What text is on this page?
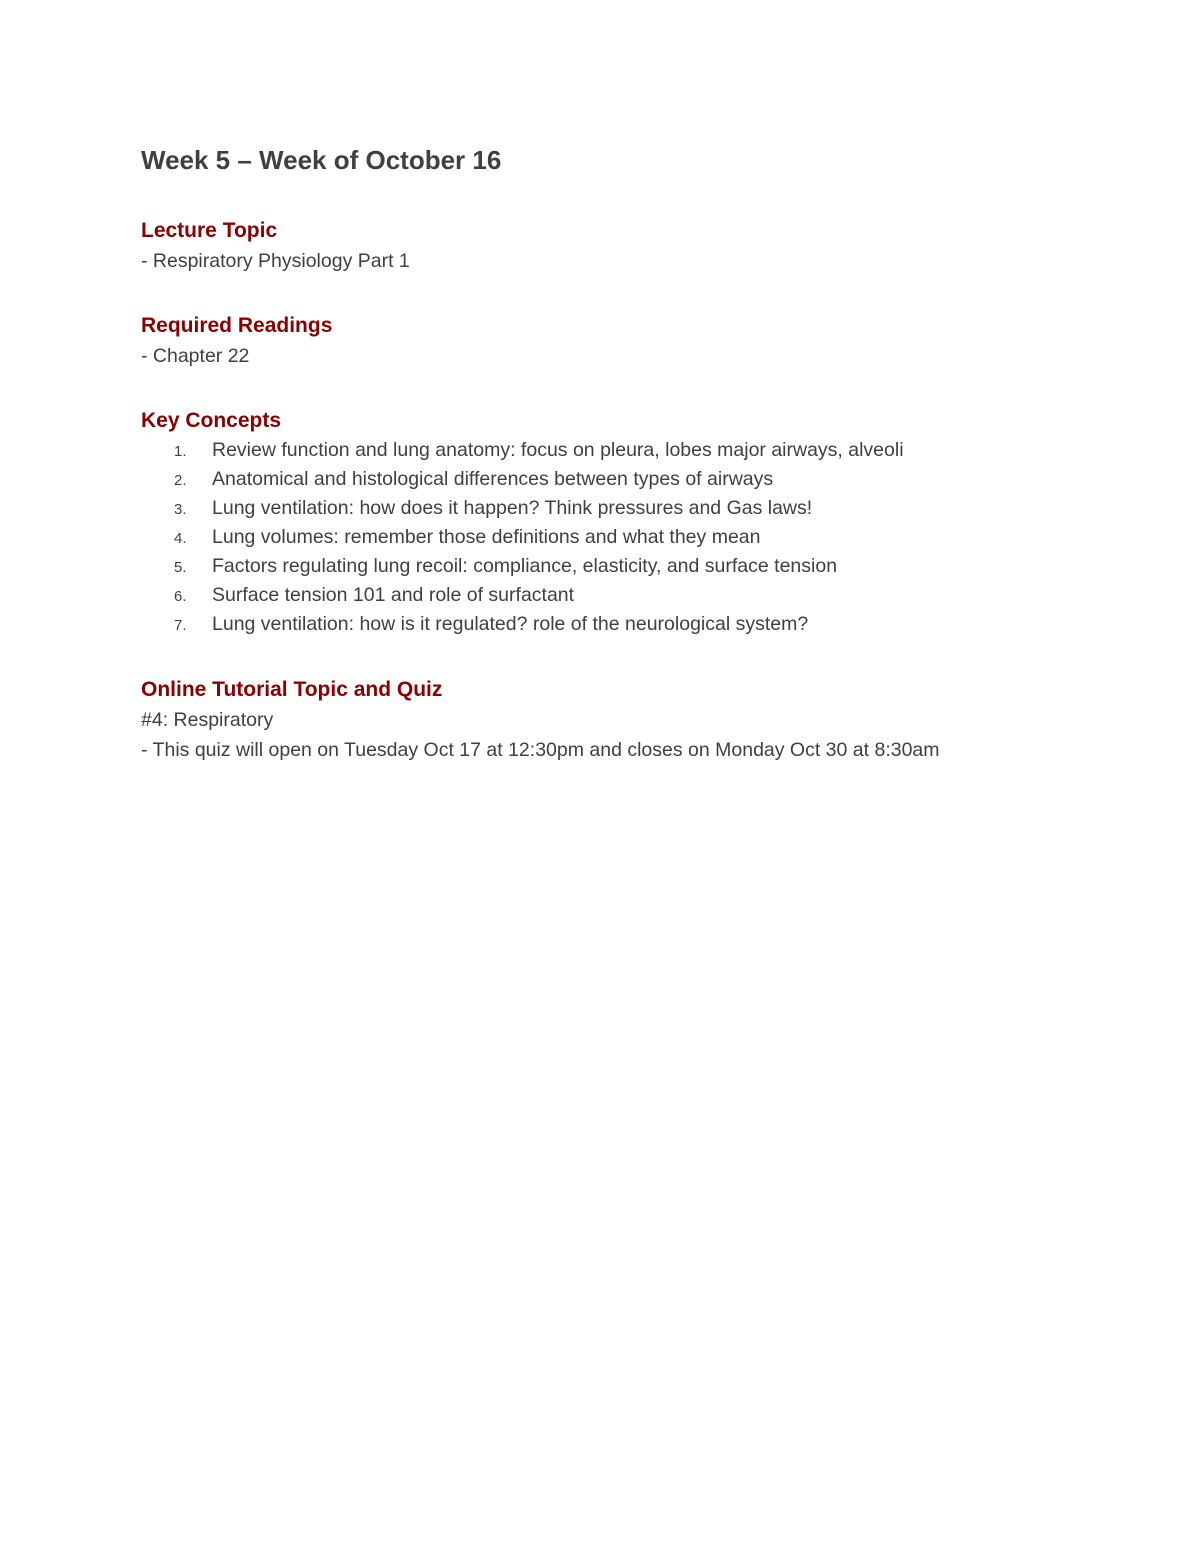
Week 5 – Week of October 16
Lecture Topic

- Respiratory Physiology Part 1

Required Readings

- Chapter 22

Key Concepts
1. Review function and lung anatomy: focus on pleura, lobes major airways, alveoli
2. Anatomical and histological differences between types of airways
3. Lung ventilation: how does it happen? Think pressures and Gas laws!
4. Lung volumes: remember those definitions and what they mean
5. Factors regulating lung recoil: compliance, elasticity, and surface tension
6. Surface tension 101 and role of surfactant
7. Lung ventilation: how is it regulated? role of the neurological system?
Online Tutorial Topic and Quiz

#4: Respiratory

- This quiz will open on Tuesday Oct 17 at 12:30pm and closes on Monday Oct 30 at 8:30am
